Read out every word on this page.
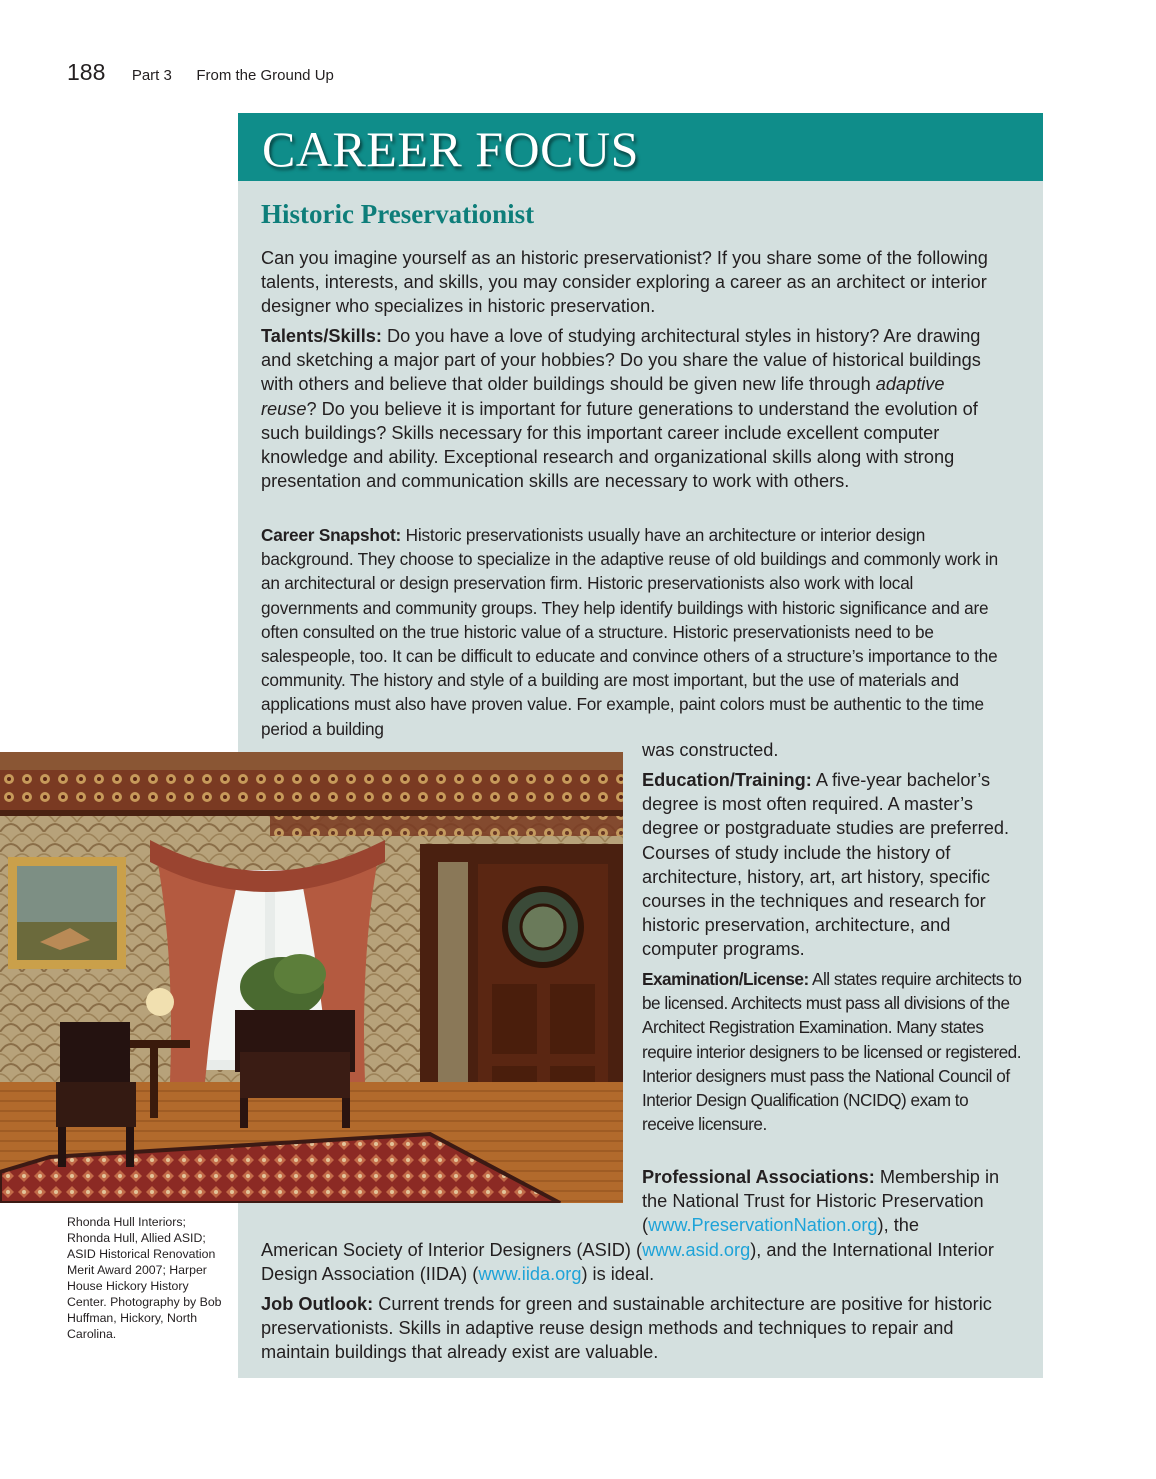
188 Part 3 From the Ground Up
CAREER FOCUS
Historic Preservationist

Can you imagine yourself as an historic preservationist? If you share some of the following talents, interests, and skills, you may consider exploring a career as an architect or interior designer who specializes in historic preservation.

Talents/Skills: Do you have a love of studying architectural styles in history? Are drawing and sketching a major part of your hobbies? Do you share the value of historical buildings with others and believe that older buildings should be given new life through adaptive reuse? Do you believe it is important for future generations to understand the evolution of such buildings? Skills necessary for this important career include excellent computer knowledge and ability. Exceptional research and organizational skills along with strong presentation and communication skills are necessary to work with others.

Career Snapshot: Historic preservationists usually have an architecture or interior design background. They choose to specialize in the adaptive reuse of old buildings and commonly work in an architectural or design preservation firm. Historic preservationists also work with local governments and community groups. They help identify buildings with historic significance and are often consulted on the true historic value of a structure. Historic preservationists need to be salespeople, too. It can be difficult to educate and convince others of a structure’s importance to the community. The history and style of a building are most important, but the use of materials and applications must also have proven value. For example, paint colors must be authentic to the time period a building

was constructed.

Education/Training: A five-year bachelor’s degree is most often required. A master’s degree or postgraduate studies are preferred. Courses of study include the history of architecture, history, art, art history, specific courses in the techniques and research for historic preservation, architecture, and computer programs.

Examination/License: All states require architects to be licensed. Architects must pass all divisions of the Architect Registration Examination. Many states require interior designers to be licensed or registered. Interior designers must pass the National Council of Interior Design Qualification (NCIDQ) exam to receive licensure.

Professional Associations: Membership in the National Trust for Historic Preservation (www.PreservationNation.org), the

American Society of Interior Designers (ASID) (www.asid.org), and the International Interior Design Association (IIDA) (www.iida.org) is ideal.

Job Outlook: Current trends for green and sustainable architecture are positive for historic preservationists. Skills in adaptive reuse design methods and techniques to repair and maintain buildings that already exist are valuable.

Rhonda Hull Interiors; Rhonda Hull, Allied ASID; ASID Historical Renovation Merit Award 2007; Harper House Hickory History Center. Photography by Bob Huffman, Hickory, North Carolina.
